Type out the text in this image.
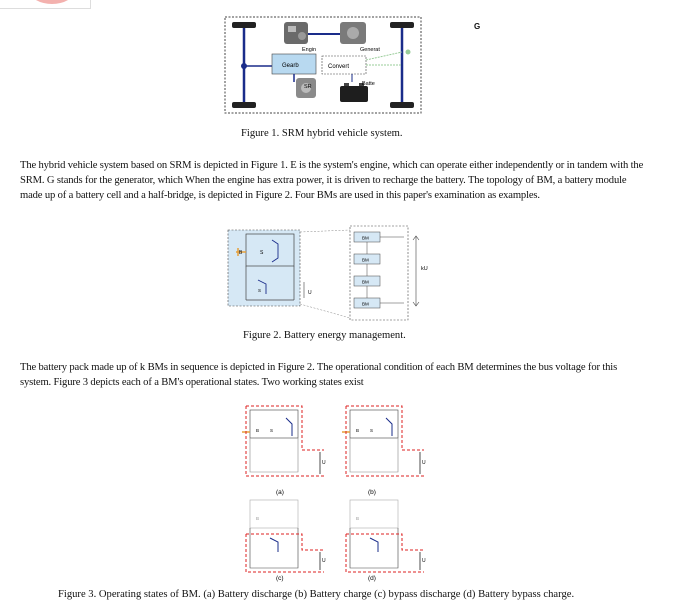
G
Engin	Generat
Gearb	Convert
SR	Batte
Figure 1. SRM hybrid vehicle system.
The hybrid vehicle system based on SRM is depicted in Figure 1. E is the system's engine, which can operate either independently or in tandem with the SRM. G stands for the generator, which When the engine has extra power, it is driven to recharge the battery. The topology of BM, a battery module made up of a battery cell and a half-bridge, is depicted in Figure 2. Four BMs are used in this paper's examination as examples.
B	S
S	U
BM
BM
BM
BM
kU
Figure 2. Battery energy management.
The battery pack made up of k BMs in sequence is depicted in Figure 2. The operational condition of each BM determines the bus voltage for this system. Figure 3 depicts each of a BM's operational states. Two working states exist
B S
U
B S
U
B
U
B
U
(a)	(b)
(c)	(d)
Figure 3. Operating states of BM. (a) Battery discharge (b) Battery charge (c) bypass discharge (d) Battery bypass charge.
